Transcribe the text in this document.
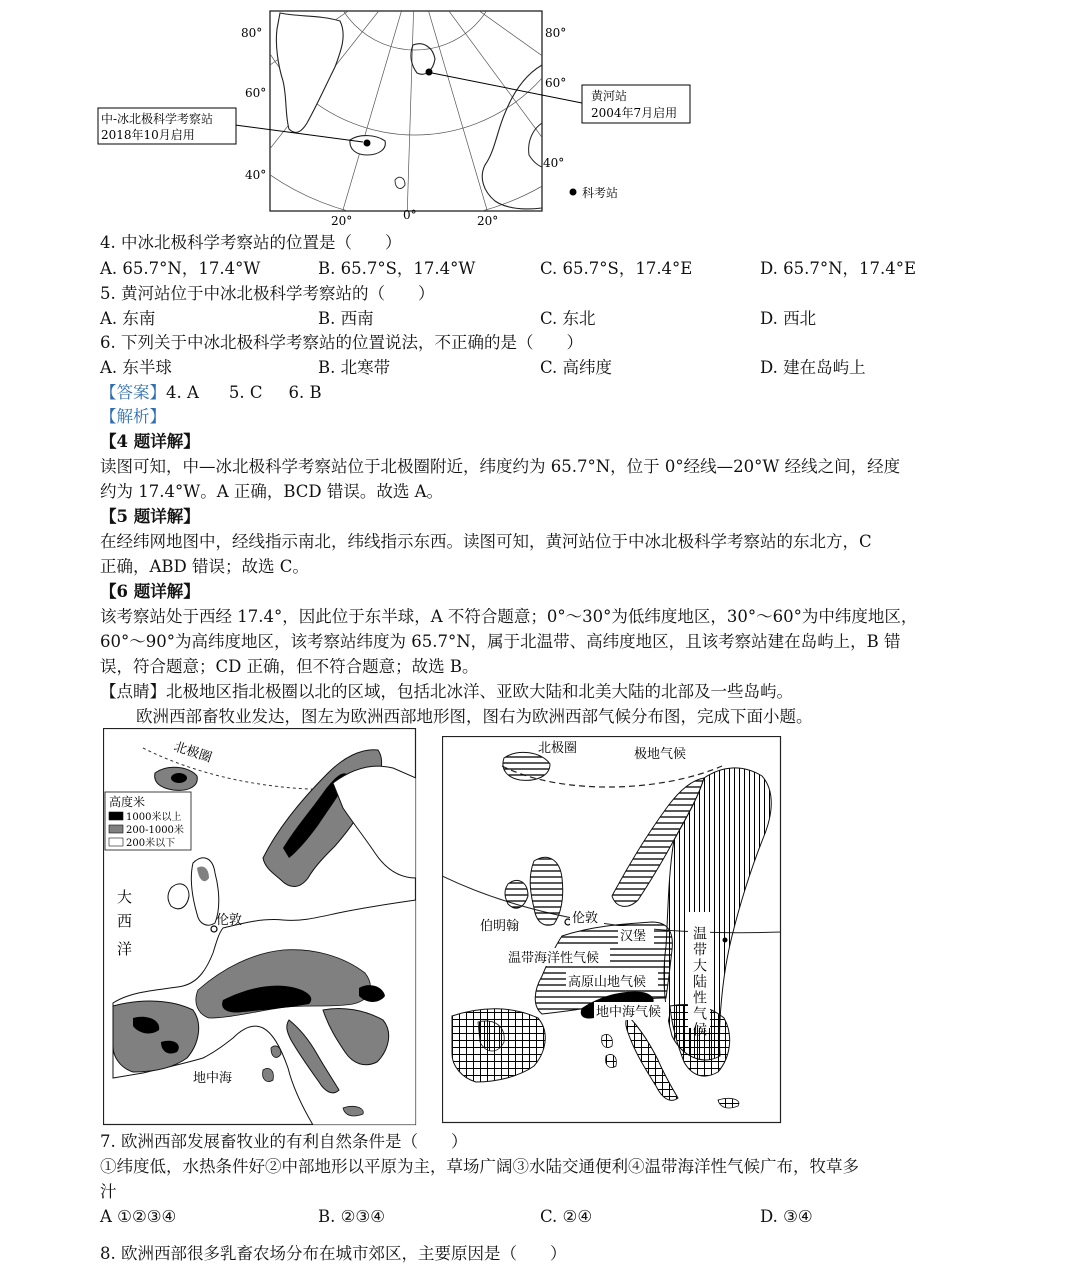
中-冰北极科学考察站
2018年10月启用
黄河站
2004年7月启用
80°
60°
40°
80°
60°
40°
20°	0°	20°
科考站
4. 中冰北极科学考察站的位置是（　　）
A. 65.7°N，17.4°W	B. 65.7°S，17.4°W	C. 65.7°S，17.4°E	D. 65.7°N，17.4°E
5. 黄河站位于中冰北极科学考察站的（　　）
A. 东南	B. 西南	C. 东北	D. 西北
6. 下列关于中冰北极科学考察站的位置说法，不正确的是（　　）
A. 东半球	B. 北寒带	C. 高纬度	D. 建在岛屿上
【答案】4. A 5. C 6. B
【解析】
【4 题详解】
读图可知，中—冰北极科学考察站位于北极圈附近，纬度约为 65.7°N，位于 0°经线—20°W 经线之间，经度
约为 17.4°W。A 正确，BCD 错误。故选 A。
【5 题详解】
在经纬网地图中，经线指示南北，纬线指示东西。读图可知，黄河站位于中冰北极科学考察站的东北方，C
正确，ABD 错误；故选 C。
【6 题详解】
该考察站处于西经 17.4°，因此位于东半球，A 不符合题意；0°～30°为低纬度地区，30°～60°为中纬度地区，
60°～90°为高纬度地区，该考察站纬度为 65.7°N，属于北温带、高纬度地区，且该考察站建在岛屿上，B 错
误，符合题意；CD 正确，但不符合题意；故选 B。
【点睛】北极地区指北极圈以北的区域，包括北冰洋、亚欧大陆和北美大陆的北部及一些岛屿。
欧洲西部畜牧业发达，图左为欧洲西部地形图，图右为欧洲西部气候分布图，完成下面小题。
北极圈
高度米
1000米以上
200-1000米
200米以下
大
西
洋
伦敦
地中海
北极圈	极地气候
伯明翰
伦敦
汉堡
温带海洋性气候
高原山地气候
地中海气候 温带大陆性气候
7. 欧洲西部发展畜牧业的有利自然条件是（　　）
①纬度低，水热条件好②中部地形以平原为主，草场广阔③水陆交通便利④温带海洋性气候广布，牧草多
汁
A ①②③④	B. ②③④	C. ②④	D. ③④
8. 欧洲西部很多乳畜农场分布在城市郊区，主要原因是（　　）
